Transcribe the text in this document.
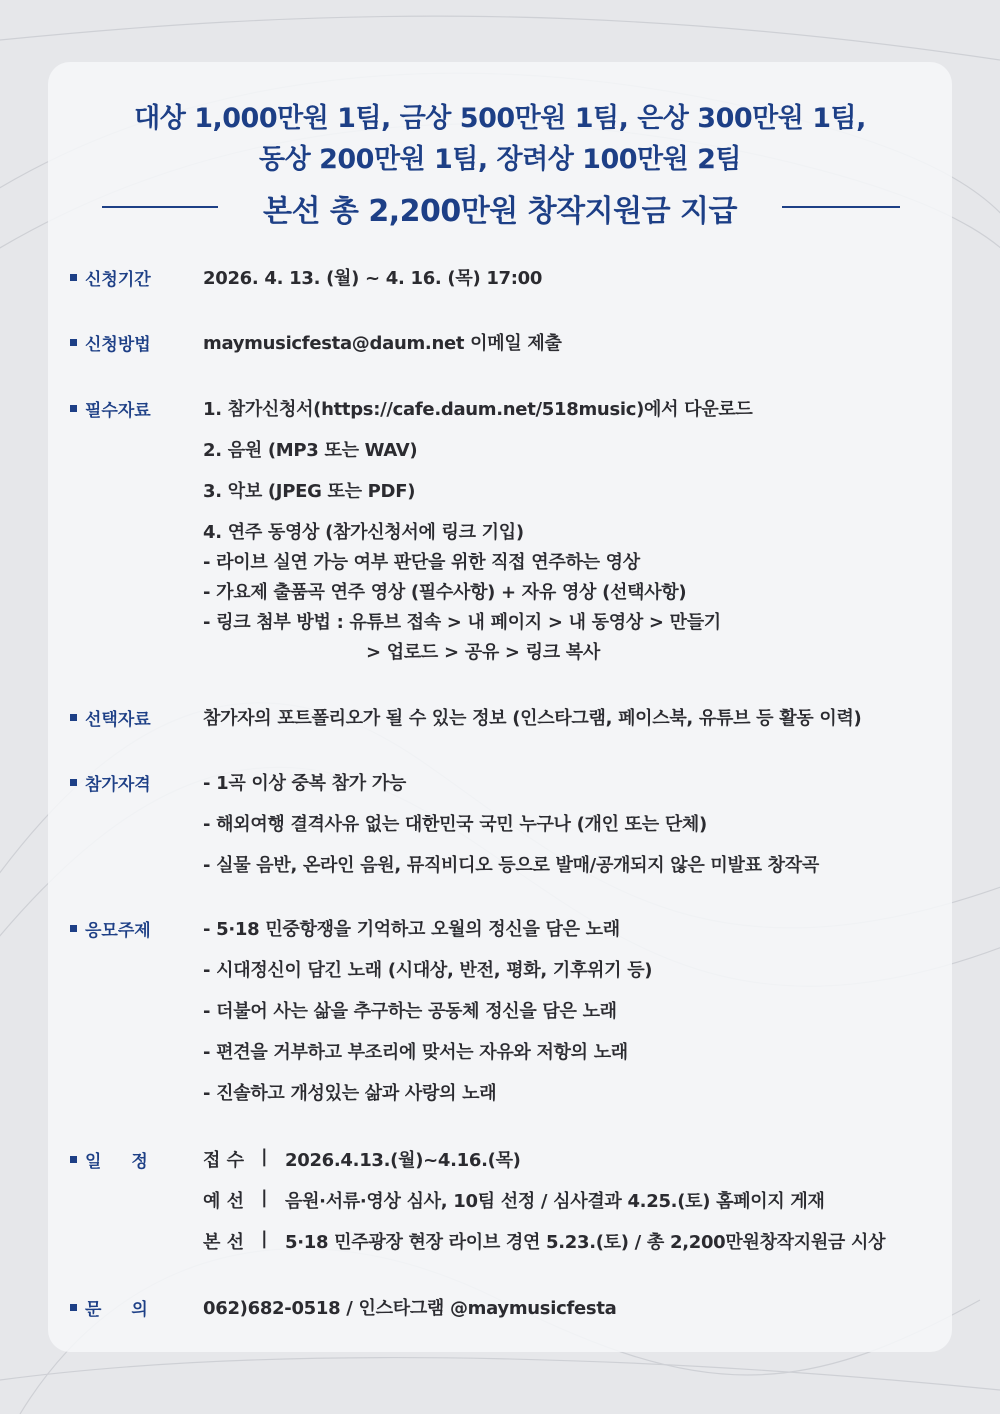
대상 1,000만원 1팀, 금상 500만원 1팀, 은상 300만원 1팀,
동상 200만원 1팀, 장려상 100만원 2팀
본선 총 2,200만원 창작지원금 지급
신청기간	2026. 4. 13. (월) ~ 4. 16. (목) 17:00
신청방법	maymusicfesta@daum.net 이메일 제출
필수자료	1. 참가신청서(https://cafe.daum.net/518music)에서 다운로드
2. 음원 (MP3 또는 WAV)
3. 악보 (JPEG 또는 PDF)
4. 연주 동영상 (참가신청서에 링크 기입)
- 라이브 실연 가능 여부 판단을 위한 직접 연주하는 영상
- 가요제 출품곡 연주 영상 (필수사항) + 자유 영상 (선택사항)
- 링크 첨부 방법 : 유튜브 접속 > 내 페이지 > 내 동영상 > 만들기
> 업로드 > 공유 > 링크 복사
선택자료	참가자의 포트폴리오가 될 수 있는 정보 (인스타그램, 페이스북, 유튜브 등 활동 이력)
참가자격	- 1곡 이상 중복 참가 가능
- 해외여행 결격사유 없는 대한민국 국민 누구나 (개인 또는 단체)
- 실물 음반, 온라인 음원, 뮤직비디오 등으로 발매/공개되지 않은 미발표 창작곡
응모주제	- 5·18 민중항쟁을 기억하고 오월의 정신을 담은 노래
- 시대정신이 담긴 노래 (시대상, 반전, 평화, 기후위기 등)
- 더불어 사는 삶을 추구하는 공동체 정신을 담은 노래
- 편견을 거부하고 부조리에 맞서는 자유와 저항의 노래
- 진솔하고 개성있는 삶과 사랑의 노래
일정 접 수 | 2026.4.13.(월)~4.16.(목)
예 선 | 음원·서류·영상 심사, 10팀 선정 / 심사결과 4.25.(토) 홈페이지 게재
본 선 | 5·18 민주광장 현장 라이브 경연 5.23.(토) / 총 2,200만원창작지원금 시상
문의 062)682-0518 / 인스타그램 @maymusicfesta
